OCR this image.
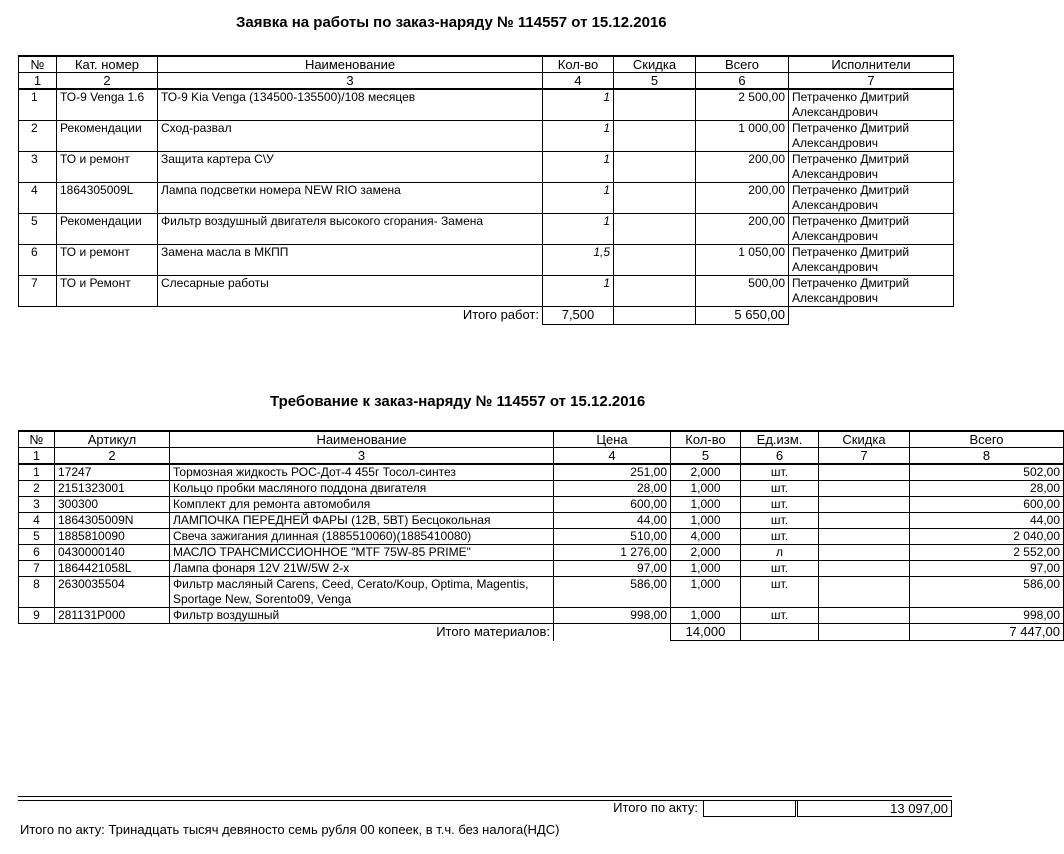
Заявка на работы по заказ-наряду № 114557 от 15.12.2016
№	Кат. номер	Наименование	Кол-во	Скидка	Всего	Исполнители
1	2	3	4	5	6	7
1	ТО-9 Venga 1.6	ТО-9 Kia Venga (134500-135500)/108 месяцев	1		2 500,00	Петраченко Дмитрий Александрович
2	Рекомендации	Сход-развал	1		1 000,00	Петраченко Дмитрий Александрович
3	ТО и ремонт	Защита картера С\У	1		200,00	Петраченко Дмитрий Александрович
4	1864305009L	Лампа подсветки номера NEW RIO замена	1		200,00	Петраченко Дмитрий Александрович
5	Рекомендации	Фильтр воздушный двигателя высокого сгорания- Замена	1		200,00	Петраченко Дмитрий Александрович
6	ТО и ремонт	Замена масла в МКПП	1,5		1 050,00	Петраченко Дмитрий Александрович
7	ТО и Ремонт	Слесарные работы	1		500,00	Петраченко Дмитрий Александрович

Итого работ:			7,500		5 650,00	
Требование к заказ-наряду № 114557 от 15.12.2016
№	Артикул	Наименование	Цена	Кол-во	Ед.изм.	Скидка	Всего
1	2	3	4	5	6	7	8
1	17247	Тормозная жидкость РОС-Дот-4 455г Тосол-синтез	251,00	2,000	шт.		502,00
2	2151323001	Кольцо пробки масляного поддона двигателя	28,00	1,000	шт.		28,00
3	300300	Комплект для ремонта автомобиля	600,00	1,000	шт.		600,00
4	1864305009N	ЛАМПОЧКА ПЕРЕДНЕЙ ФАРЫ (12В, 5ВТ) Бесцокольная	44,00	1,000	шт.		44,00
5	1885810090	Свеча зажигания длинная (1885510060)(1885410080)	510,00	4,000	шт.		2 040,00
6	0430000140	МАСЛО ТРАНСМИССИОННОЕ "MTF 75W-85 PRIME"	1 276,00	2,000	л		2 552,00
7	1864421058L	Лампа фонаря 12V 21W/5W 2-х	97,00	1,000	шт.		97,00
8	2630035504	Фильтр масляный Carens, Ceed, Cerato/Koup, Optima, Magentis, Sportage New, Sorento09, Venga	586,00	1,000	шт.		586,00
9	281131P000	Фильтр воздушный	998,00	1,000	шт.		998,00

Итого материалов:				14,000			7 447,00
Итого по акту:	13 097,00
Итого по акту: Тринадцать тысяч девяносто семь рубля 00 копеек, в т.ч. без налога(НДС)
